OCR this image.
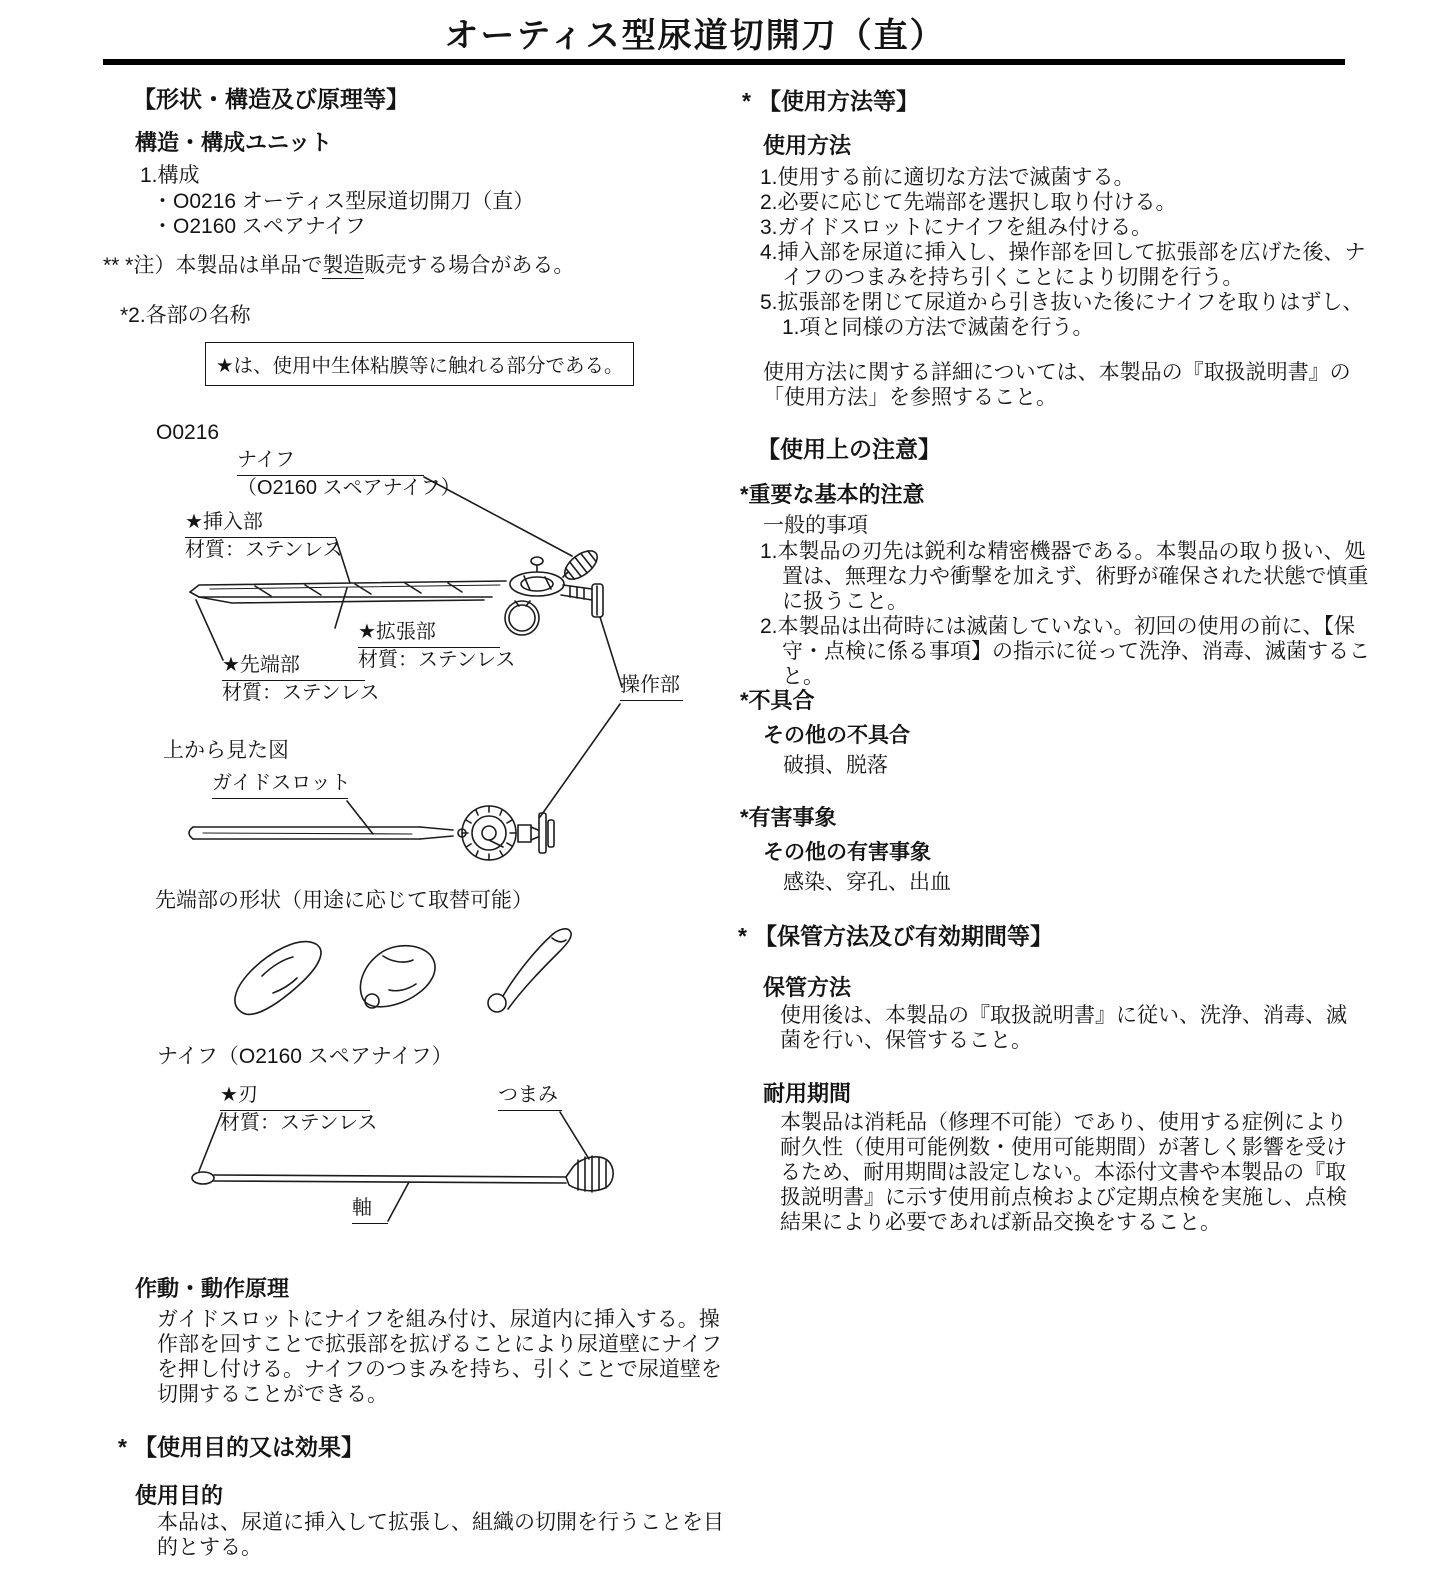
オーティス型尿道切開刀（直）
【形状・構造及び原理等】
構造・構成ユニット
1.構成
・O0216 オーティス型尿道切開刀（直）
・O2160 スペアナイフ
** *注）本製品は単品で製造販売する場合がある。
*2.各部の名称
★は、使用中生体粘膜等に触れる部分である。
O0216
ナイフ
（O2160 スペアナイフ）
★挿入部
材質：ステンレス
★拡張部
材質：ステンレス
★先端部
材質：ステンレス	操作部
上から見た図
ガイドスロット
先端部の形状（用途に応じて取替可能）
ナイフ（O2160 スペアナイフ）
★刃
材質：ステンレス
つまみ
軸
作動・動作原理
ガイドスロットにナイフを組み付け、尿道内に挿入する。操作部を回すことで拡張部を拡げることにより尿道壁にナイフを押し付ける。ナイフのつまみを持ち、引くことで尿道壁を切開することができる。
* 【使用目的又は効果】
使用目的
本品は、尿道に挿入して拡張し、組織の切開を行うことを目的とする。
* 【使用方法等】
使用方法
1.使用する前に適切な方法で滅菌する。
2.必要に応じて先端部を選択し取り付ける。
3.ガイドスロットにナイフを組み付ける。
4.挿入部を尿道に挿入し、操作部を回して拡張部を広げた後、ナイフのつまみを持ち引くことにより切開を行う。
5.拡張部を閉じて尿道から引き抜いた後にナイフを取りはずし、1.項と同様の方法で滅菌を行う。
使用方法に関する詳細については、本製品の『取扱説明書』の「使用方法」を参照すること。
【使用上の注意】
*重要な基本的注意
一般的事項
1.本製品の刃先は鋭利な精密機器である。本製品の取り扱い、処置は、無理な力や衝撃を加えず、術野が確保された状態で慎重に扱うこと。
2.本製品は出荷時には滅菌していない。初回の使用の前に、【保守・点検に係る事項】の指示に従って洗浄、消毒、滅菌すること。
*不具合
その他の不具合
破損、脱落
*有害事象
その他の有害事象
感染、穿孔、出血
* 【保管方法及び有効期間等】
保管方法
使用後は、本製品の『取扱説明書』に従い、洗浄、消毒、滅菌を行い、保管すること。
耐用期間
本製品は消耗品（修理不可能）であり、使用する症例により耐久性（使用可能例数・使用可能期間）が著しく影響を受けるため、耐用期間は設定しない。本添付文書や本製品の『取扱説明書』に示す使用前点検および定期点検を実施し、点検結果により必要であれば新品交換をすること。
